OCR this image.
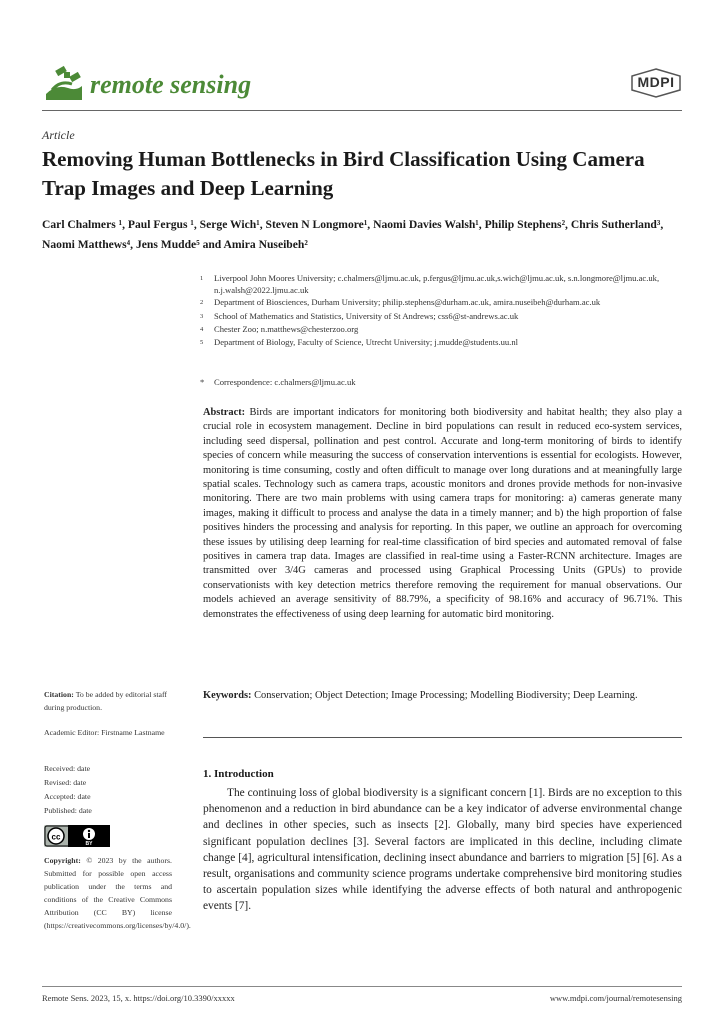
remote sensing	MDPI
Article
Removing Human Bottlenecks in Bird Classification Using Camera Trap Images and Deep Learning
Carl Chalmers ¹, Paul Fergus ¹, Serge Wich¹, Steven N Longmore¹, Naomi Davies Walsh¹, Philip Stephens², Chris Sutherland³, Naomi Matthews⁴, Jens Mudde⁵ and Amira Nuseibeh²
1	Liverpool John Moores University; c.chalmers@ljmu.ac.uk, p.fergus@ljmu.ac.uk,s.wich@ljmu.ac.uk, s.n.longmore@ljmu.ac.uk, n.j.walsh@2022.ljmu.ac.uk
2	Department of Biosciences, Durham University; philip.stephens@durham.ac.uk, amira.nuseibeh@durham.ac.uk
3	School of Mathematics and Statistics, University of St Andrews; css6@st-andrews.ac.uk
4	Chester Zoo; n.matthews@chesterzoo.org
5	Department of Biology, Faculty of Science, Utrecht University; j.mudde@students.uu.nl
*	Correspondence: c.chalmers@ljmu.ac.uk
Abstract: Birds are important indicators for monitoring both biodiversity and habitat health; they also play a crucial role in ecosystem management. Decline in bird populations can result in reduced eco-system services, including seed dispersal, pollination and pest control. Accurate and long-term monitoring of birds to identify species of concern while measuring the success of conservation interventions is essential for ecologists. However, monitoring is time consuming, costly and often difficult to manage over long durations and at meaningfully large spatial scales. Technology such as camera traps, acoustic monitors and drones provide methods for non-invasive monitoring. There are two main problems with using camera traps for monitoring: a) cameras generate many images, making it difficult to process and analyse the data in a timely manner; and b) the high proportion of false positives hinders the processing and analysis for reporting. In this paper, we outline an approach for overcoming these issues by utilising deep learning for real-time classification of bird species and automated removal of false positives in camera trap data. Images are classified in real-time using a Faster-RCNN architecture. Images are transmitted over 3/4G cameras and processed using Graphical Processing Units (GPUs) to provide conservationists with key detection metrics therefore removing the requirement for manual observations. Our models achieved an average sensitivity of 88.79%, a specificity of 98.16% and accuracy of 96.71%. This demonstrates the effectiveness of using deep learning for automatic bird monitoring.
Keywords: Conservation; Object Detection; Image Processing; Modelling Biodiversity; Deep Learning.
Citation: To be added by editorial staff during production.
Academic Editor: Firstname Lastname
Received: date
Revised: date
Accepted: date
Published: date
cc
BY
Copyright: © 2023 by the authors. Submitted for possible open access publication under the terms and conditions of the Creative Commons Attribution (CC BY) license (https://creativecommons.org/licenses/by/4.0/).
1. Introduction
The continuing loss of global biodiversity is a significant concern [1]. Birds are no exception to this phenomenon and a reduction in bird abundance can be a key indicator of adverse environmental change and declines in other species, such as insects [2]. Globally, many bird species have experienced significant population declines [3]. Several factors are implicated in this decline, including climate change [4], agricultural intensification, declining insect abundance and barriers to migration [5] [6]. As a result, organisations and community science programs undertake comprehensive bird monitoring studies to ascertain population sizes while identifying the adverse effects of both natural and anthropogenic events [7].
Remote Sens. 2023, 15, x. https://doi.org/10.3390/xxxxx	www.mdpi.com/journal/remotesensing
